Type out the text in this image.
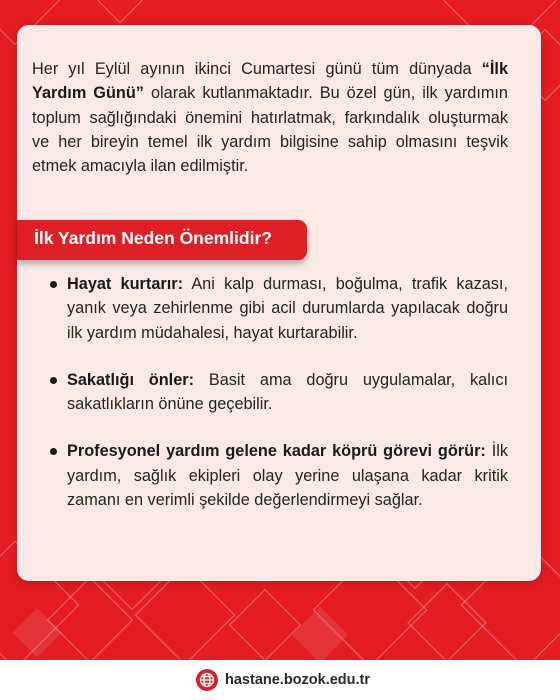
Her yıl Eylül ayının ikinci Cumartesi günü tüm dünyada “İlk Yardım Günü” olarak kutlanmaktadır. Bu özel gün, ilk yardımın toplum sağlığındaki önemini hatırlatmak, farkındalık oluşturmak ve her bireyin temel ilk yardım bilgisine sahip olmasını teşvik etmek amacıyla ilan edilmiştir.

İlk Yardım Neden Önemlidir?
Hayat kurtarır: Ani kalp durması, boğulma, trafik kazası, yanık veya zehirlenme gibi acil durumlarda yapılacak doğru ilk yardım müdahalesi, hayat kurtarabilir.
Sakatlığı önler: Basit ama doğru uygulamalar, kalıcı sakatlıkların önüne geçebilir.
Profesyonel yardım gelene kadar köprü görevi görür: İlk yardım, sağlık ekipleri olay yerine ulaşana kadar kritik zamanı en verimli şekilde değerlendirmeyi sağlar.
hastane.bozok.edu.tr
